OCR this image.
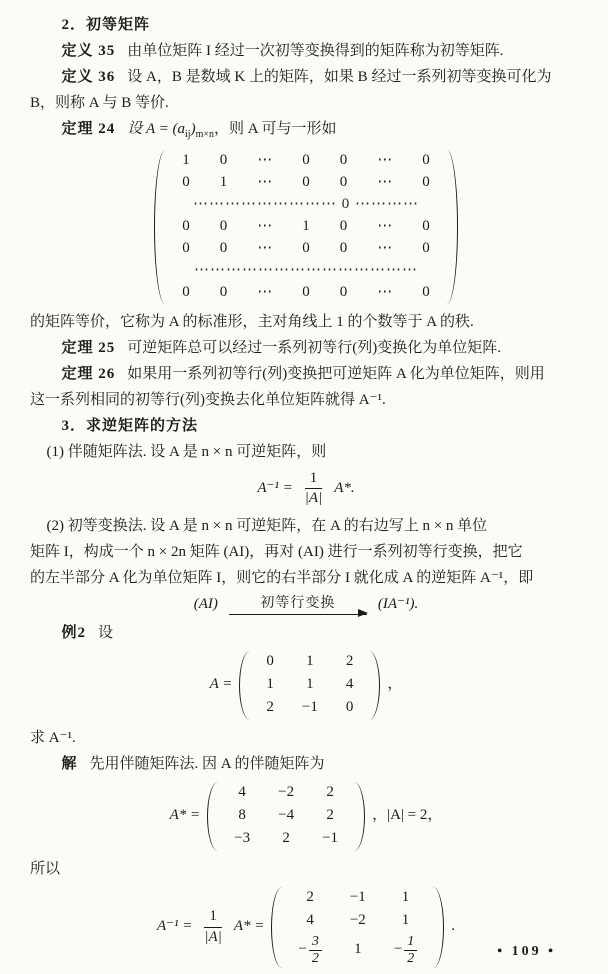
2．初等矩阵

定义 35 由单位矩阵 I 经过一次初等变换得到的矩阵称为初等矩阵.

定义 36 设 A，B 是数域 K 上的矩阵，如果 B 经过一系列初等变换可化为

B，则称 A 与 B 等价.

定理 24 设 $A = (a_{ij})_{m\times n}$，则 A 可与一形如

1	0	⋯	0	0	⋯	0
0	1	⋯	0	0	⋯	0
⋯⋯⋯⋯⋯⋯⋯⋯⋯ 0 ⋯⋯⋯⋯						
0	0	⋯	1	0	⋯	0
0	0	⋯	0	0	⋯	0
⋯⋯⋯⋯⋯⋯⋯⋯⋯⋯⋯⋯⋯⋯						
0	0	⋯	0	0	⋯	0

的矩阵等价，它称为 A 的标准形，主对角线上 1 的个数等于 A 的秩.

定理 25 可逆矩阵总可以经过一系列初等行(列)变换化为单位矩阵.

定理 26 如果用一系列初等行(列)变换把可逆矩阵 A 化为单位矩阵，则用

这一系列相同的初等行(列)变换去化单位矩阵就得 A⁻¹.

3．求逆矩阵的方法

(1) 伴随矩阵法. 设 A 是 n × n 可逆矩阵，则

$A^{-1} = \frac{1}{|A|} A*$.

(2) 初等变换法. 设 A 是 n × n 可逆矩阵，在 A 的右边写上 n × n 单位

矩阵 I，构成一个 n × 2n 矩阵 (AI)，再对 (AI) 进行一系列初等行变换，把它

的左半部分 A 化为单位矩阵 I，则它的右半部分 I 就化成 A 的逆矩阵 A⁻¹，即

(AI)	初等行变换	(IA⁻¹).

例2 设

A =
0	1	2
1	1	4
2	−1	0
，

求 A⁻¹.

解 先用伴随矩阵法. 因 A 的伴随矩阵为

A* =
4	−2	2
8	−4	2
−3	2	−1
，|A| = 2，

所以

$A^{-1} = \frac{1}{|A|} A*$ =
2	−1	1
4	−2	1

− $\frac{3}{2}$	1	− $\frac{1}{2}$
.
• 109 •
